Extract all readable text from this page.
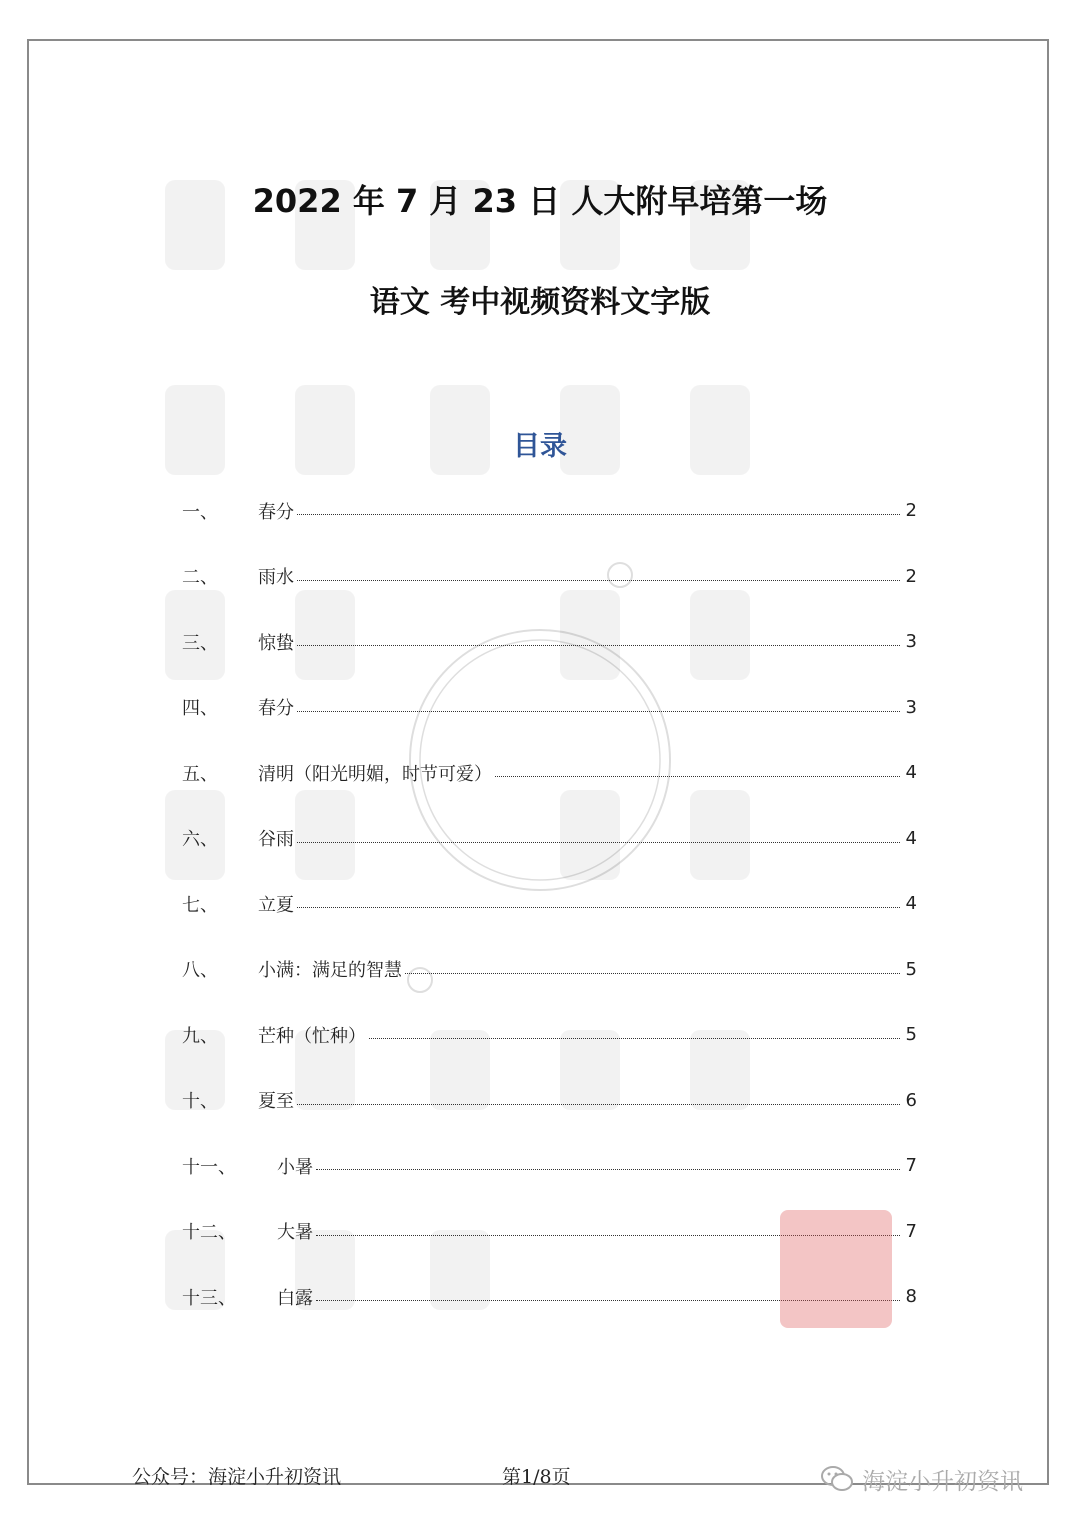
2022 年 7 月 23 日 人大附早培第一场
语文 考中视频资料文字版
目录
一、	春分	2
二、	雨水	2
三、	惊蛰	3
四、	春分	3
五、	清明（阳光明媚，时节可爱）	4
六、	谷雨	4
七、	立夏	4
八、	小满：满足的智慧	5
九、	芒种（忙种）	5
十、	夏至	6
十一、	小暑	7
十二、	大暑	7
十三、	白露	8
公众号：海淀小升初资讯	第1/8页	海淀小升初资讯
